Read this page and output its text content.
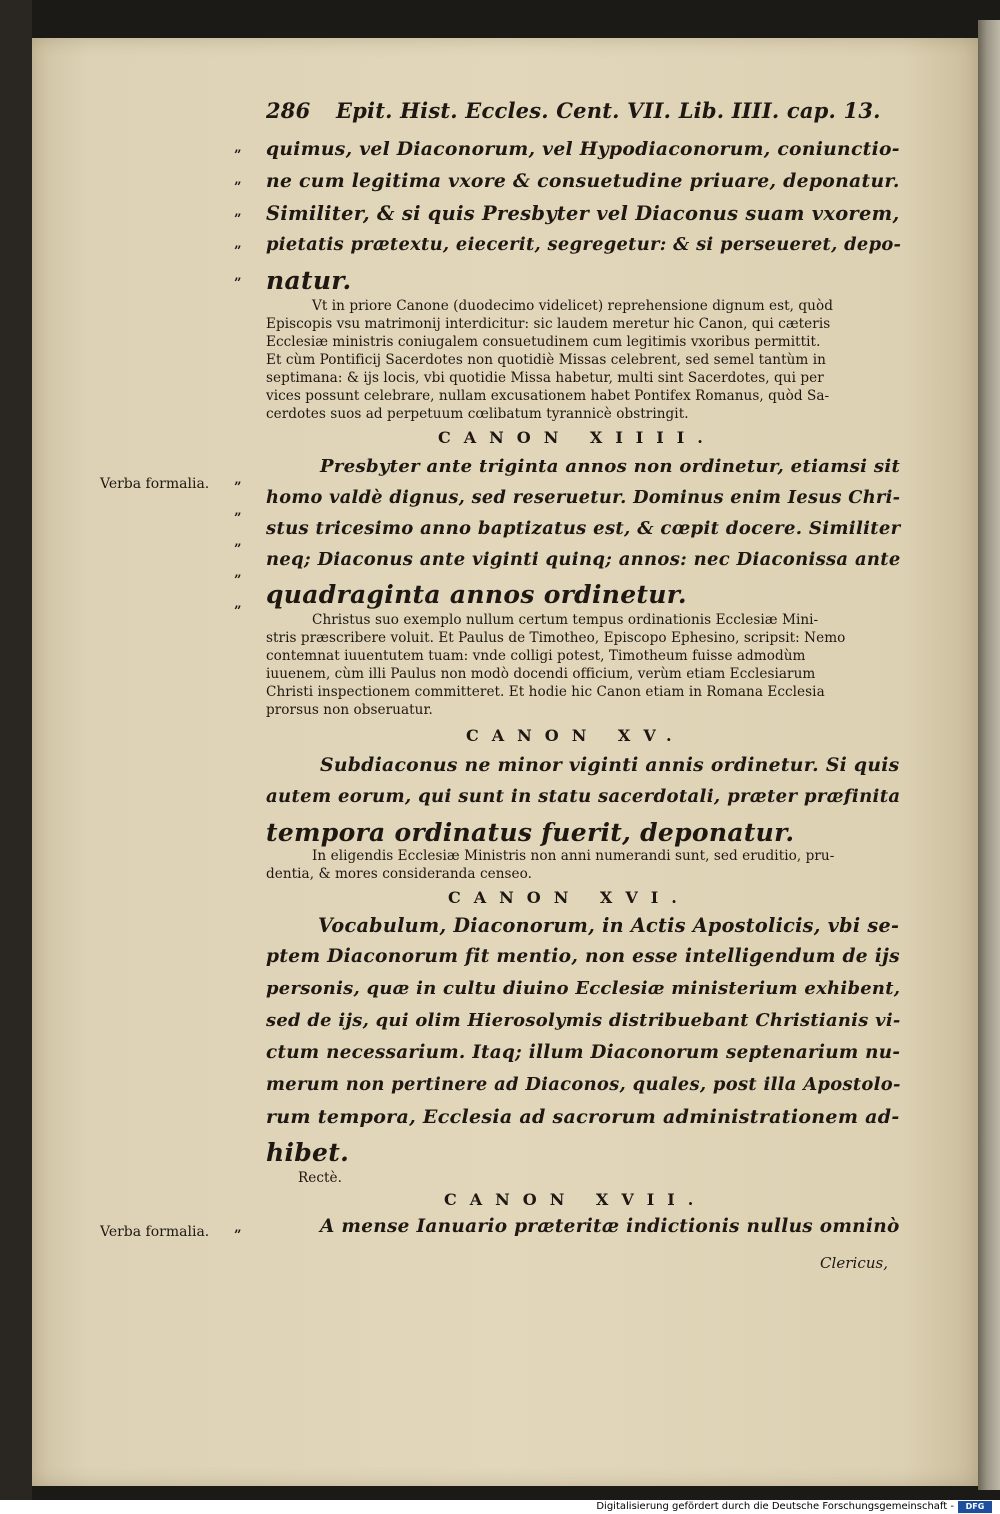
286 Epit. Hist. Eccles. Cent. VII. Lib. IIII. cap. 13.
”
”
”
”
”
quimus, vel Diaconorum, vel Hypodiaconorum, coniunctio-
ne cum legitima vxore & consuetudine priuare, deponatur.
Similiter, & si quis Presbyter vel Diaconus suam vxorem,
pietatis prætextu, eiecerit, segregetur: & si perseueret, depo-
natur.
Vt in priore Canone (duodecimo videlicet) reprehensione dignum est, quòd
Episcopis vsu matrimonij interdicitur: sic laudem meretur hic Canon, qui cæteris
Ecclesiæ ministris coniugalem consuetudinem cum legitimis vxoribus permittit.
Et cùm Pontificij Sacerdotes non quotidiè Missas celebrent, sed semel tantùm in
septimana: & ijs locis, vbi quotidie Missa habetur, multi sint Sacerdotes, qui per
vices possunt celebrare, nullam excusationem habet Pontifex Romanus, quòd Sa-
cerdotes suos ad perpetuum cœlibatum tyrannicè obstringit.
CANON XIIII.
Verba formalia. ”
”
”
”
”
Presbyter ante triginta annos non ordinetur, etiamsi sit
homo valdè dignus, sed reseruetur. Dominus enim Iesus Chri-
stus tricesimo anno baptizatus est, & cœpit docere. Similiter
neq; Diaconus ante viginti quinq; annos: nec Diaconissa ante
quadraginta annos ordinetur.
Christus suo exemplo nullum certum tempus ordinationis Ecclesiæ Mini-
stris præscribere voluit. Et Paulus de Timotheo, Episcopo Ephesino, scripsit: Nemo
contemnat iuuentutem tuam: vnde colligi potest, Timotheum fuisse admodùm
iuuenem, cùm illi Paulus non modò docendi officium, verùm etiam Ecclesiarum
Christi inspectionem committeret. Et hodie hic Canon etiam in Romana Ecclesia
prorsus non obseruatur.
CANON XV.
Subdiaconus ne minor viginti annis ordinetur. Si quis
autem eorum, qui sunt in statu sacerdotali, præter præfinita
tempora ordinatus fuerit, deponatur.
In eligendis Ecclesiæ Ministris non anni numerandi sunt, sed eruditio, pru-
dentia, & mores consideranda censeo.
CANON XVI.
Vocabulum, Diaconorum, in Actis Apostolicis, vbi se-
ptem Diaconorum fit mentio, non esse intelligendum de ijs
personis, quæ in cultu diuino Ecclesiæ ministerium exhibent,
sed de ijs, qui olim Hierosolymis distribuebant Christianis vi-
ctum necessarium. Itaq; illum Diaconorum septenarium nu-
merum non pertinere ad Diaconos, quales, post illa Apostolo-
rum tempora, Ecclesia ad sacrorum administrationem ad-
hibet.
Rectè.
CANON XVII.
Verba formalia. ”	A mense Ianuario præteritæ indictionis nullus omninò
Clericus,
Digitalisierung gefördert durch die Deutsche Forschungsgemeinschaft -	DFG
